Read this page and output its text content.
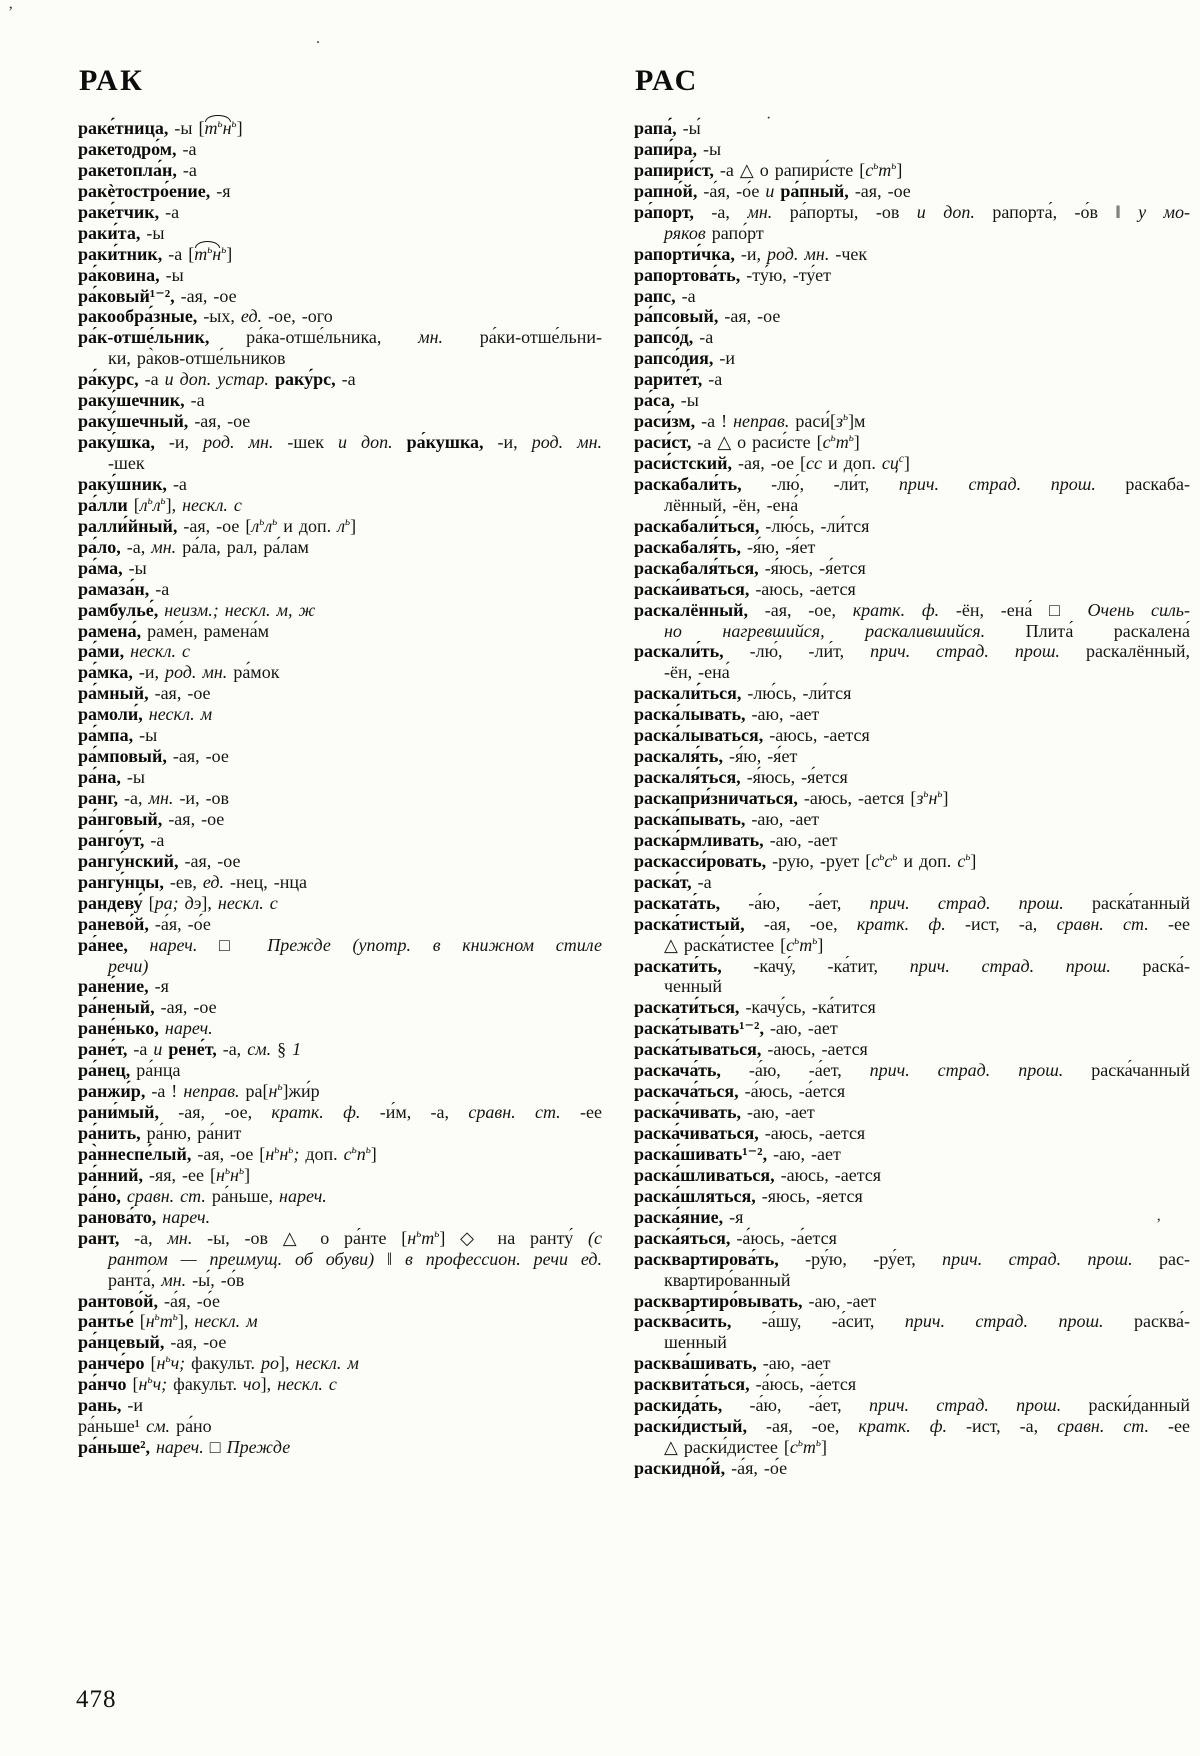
РАК
раке́тница, -ы $[т^ьн^ь]$
ракетодро́м, -а
ракетопла́н, -а
ракѐтостро́ение, -я
раке́тчик, -а
раки́та, -ы
раки́тник, -а $[т^ьн^ь]$
ра́ковина, -ы
ра́ковый¹⁻², -ая, -ое
ракообра́зные, -ых, ед. -ое, -ого
ра́к-отше́льник, ра́ка-отше́льника, мн. ра́ки-отше́льни-
ки, ра̀ков-отше́льников
ра́курс, -а и доп. устар. раку́рс, -а
раку́шечник, -а
раку́шечный, -ая, -ое
раку́шка, -и, род. мн. -шек и доп. ра́кушка, -и, род. мн.
-шек
раку́шник, -а
ра́лли $[л^ьл^ь]$, нескл. с
ралли́йный, -ая, -ое [$л^ьл^ь$ и доп. $л^ь$]
ра́ло, -а, мн. ра́ла, рал, ра́лам
ра́ма, -ы
рамаза́н, -а
рамбулье́, неизм.; нескл. м, ж
рамена́, раме́н, рамена́м
ра́ми, нескл. с
ра́мка, -и, род. мн. ра́мок
ра́мный, -ая, -ое
рамоли́, нескл. м
ра́мпа, -ы
ра́мповый, -ая, -ое
ра́на, -ы
ранг, -а, мн. -и, -ов
ра́нговый, -ая, -ое
ранго́ут, -а
рангу́нский, -ая, -ое
рангу́нцы, -ев, ед. -нец, -нца
рандеву́ [ра; дэ], нескл. с
ранево́й, -а́я, -о́е
ра́нее, нареч. □ Прежде (употр. в книжном стиле
речи)
ране́ние, -я
ра́неный, -ая, -ое
ране́нько, нареч.
ране́т, -а и рене́т, -а, см. § 1
ра́нец, ра́нца
ранжи́р, -а ! неправ. $ра[н^ь]жи́р$
рани́мый, -ая, -ое, кратк. ф. -и́м, -а, сравн. ст. -ее
ра́нить, ра́ню, ра́нит
ра̀ннеспе́лый, -ая, -ое [$н^ьн^ь$; доп. $с^ьп^ь$]
ра́нний, -яя, -ее $[н^ьн^ь]$
ра́но, сравн. ст. ра́ньше, нареч.
ранова́то, нареч.
рант, -а, мн. -ы, -ов △ о ра́нте $[н^ьт^ь]$ ◇ на ранту́ (с
рантом — преимущ. об обуви) ‖ в профессион. речи ед.
ранта́, мн. -ы́, -о́в
рантово́й, -а́я, -о́е
рантье́ $[н^ьт^ь]$, нескл. м
ра́нцевый, -ая, -ое
ранче́ро [$н^ьч$; факульт. ро], нескл. м
ра́нчо [$н^ьч$; факульт. чо], нескл. с
рань, -и
ра́ньше¹ см. ра́но
ра́ньше², нареч. □ Прежде
РАС
рапа́, -ы́
рапи́ра, -ы
рапири́ст, -а △ о рапири́сте $[с^ьт^ь]$
рапно́й, -а́я, -о́е и ра́пный, -ая, -ое
ра́порт, -а, мн. ра́порты, -ов и доп. рапорта́, -о́в ‖ у мо-
ряков рапо́рт
рапорти́чка, -и, род. мн. -чек
рапортова́ть, -ту́ю, -ту́ет
рапс, -а
ра́псовый, -ая, -ое
рапсо́д, -а
рапсо́дия, -и
рарите́т, -а
ра́са, -ы
раси́зм, -а ! неправ. $раси́[з^ь]м$
раси́ст, -а △ о раси́сте $[с^ьт^ь]$
раси́стский, -ая, -ое [сс и доп. $сц^с$]
раскабали́ть, -лю́, -ли́т, прич. страд. прош. раскаба-
лённый, -ён, -ена́
раскабали́ться, -лю́сь, -ли́тся
раскабаля́ть, -я́ю, -я́ет
раскабаля́ться, -я́юсь, -я́ется
раска́иваться, -аюсь, -ается
раскалённый, -ая, -ое, кратк. ф. -ён, -ена́ □ Очень силь-
но нагревшийся, раскалившийся. Плита́ раскалена́
раскали́ть, -лю́, -ли́т, прич. страд. прош. раскалённый,
-ён, -ена́
раскали́ться, -лю́сь, -ли́тся
раска́лывать, -аю, -ает
раска́лываться, -аюсь, -ается
раскаля́ть, -я́ю, -я́ет
раскаля́ться, -я́юсь, -я́ется
раскапри́зничаться, -аюсь, -ается $[з^ьн^ь]$
раска́пывать, -аю, -ает
раска́рмливать, -аю, -ает
раскасси́ровать, -рую, -рует [$с^ьс^ь$ и доп. $с^ь$]
раска́т, -а
раската́ть, -а́ю, -а́ет, прич. страд. прош. раска́танный
раска́тистый, -ая, -ое, кратк. ф. -ист, -а, сравн. ст. -ее
△ раска́тистее $[с^ьт^ь]$
раскати́ть, -качу́, -ка́тит, прич. страд. прош. раска́-
ченный
раскати́ться, -качу́сь, -ка́тится
раска́тывать¹⁻², -аю, -ает
раска́тываться, -аюсь, -ается
раскача́ть, -а́ю, -а́ет, прич. страд. прош. раска́чанный
раскача́ться, -а́юсь, -а́ется
раска́чивать, -аю, -ает
раска́чиваться, -аюсь, -ается
раска́шивать¹⁻², -аю, -ает
раска́шливаться, -аюсь, -ается
раска́шляться, -яюсь, -яется
раска́яние, -я
раска́яться, -а́юсь, -а́ется
расквартирова́ть, -ру́ю, -ру́ет, прич. страд. прош. рас-
квартиро́ванный
расквартиро́вывать, -аю, -ает
расква́сить, -а́шу, -а́сит, прич. страд. прош. расква́-
шенный
расква́шивать, -аю, -ает
расквита́ться, -а́юсь, -а́ется
раскида́ть, -а́ю, -а́ет, прич. страд. прош. раски́данный
раски́дистый, -ая, -ое, кратк. ф. -ист, -а, сравн. ст. -ее
△ раски́дистее $[с^ьт^ь]$
раскидно́й, -а́я, -о́е
478
’
.
·
’
